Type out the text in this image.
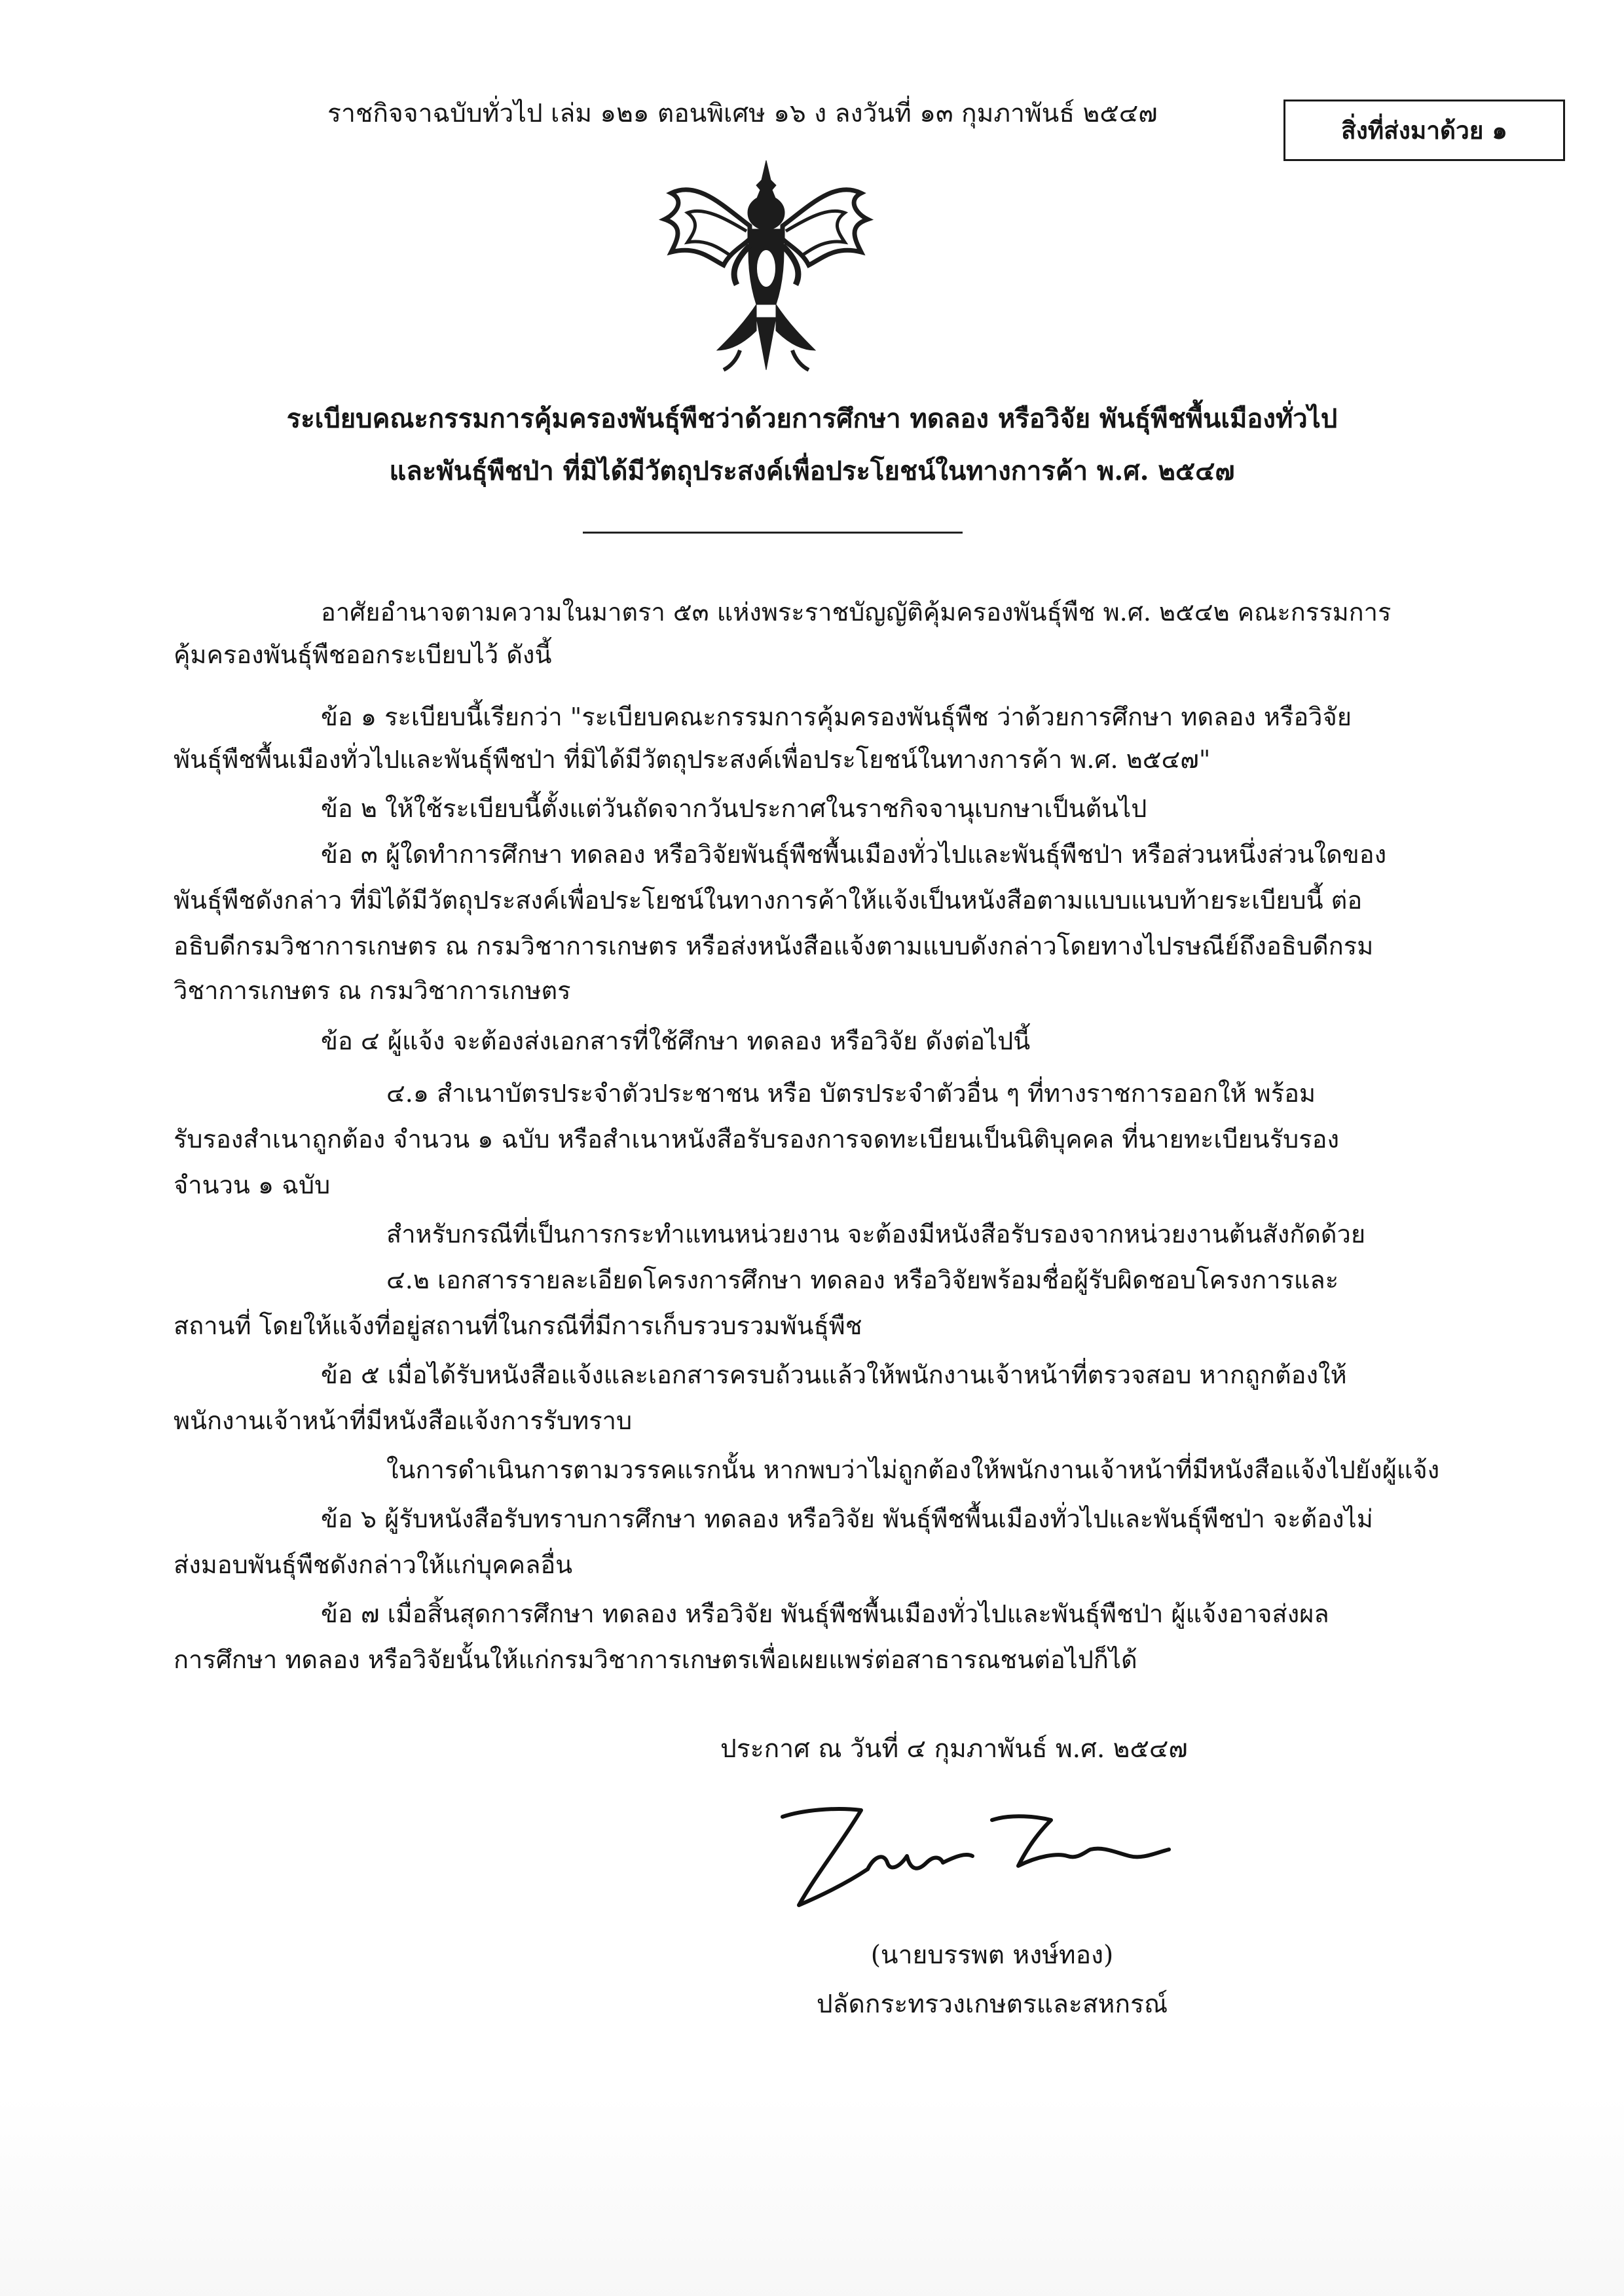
ราชกิจจาฉบับทั่วไป เล่ม ๑๒๑ ตอนพิเศษ ๑๖ ง ลงวันที่ ๑๓ กุมภาพันธ์ ๒๕๔๗
สิ่งที่ส่งมาด้วย ๑
ระเบียบคณะกรรมการคุ้มครองพันธุ์พืชว่าด้วยการศึกษา ทดลอง หรือวิจัย พันธุ์พืชพื้นเมืองทั่วไป
และพันธุ์พืชป่า ที่มิได้มีวัตถุประสงค์เพื่อประโยชน์ในทางการค้า พ.ศ. ๒๕๔๗
อาศัยอำนาจตามความในมาตรา ๕๓ แห่งพระราชบัญญัติคุ้มครองพันธุ์พืช พ.ศ. ๒๕๔๒ คณะกรรมการ
คุ้มครองพันธุ์พืชออกระเบียบไว้ ดังนี้
ข้อ ๑ ระเบียบนี้เรียกว่า "ระเบียบคณะกรรมการคุ้มครองพันธุ์พืช ว่าด้วยการศึกษา ทดลอง หรือวิจัย
พันธุ์พืชพื้นเมืองทั่วไปและพันธุ์พืชป่า ที่มิได้มีวัตถุประสงค์เพื่อประโยชน์ในทางการค้า พ.ศ. ๒๕๔๗"
ข้อ ๒ ให้ใช้ระเบียบนี้ตั้งแต่วันถัดจากวันประกาศในราชกิจจานุเบกษาเป็นต้นไป
ข้อ ๓ ผู้ใดทำการศึกษา ทดลอง หรือวิจัยพันธุ์พืชพื้นเมืองทั่วไปและพันธุ์พืชป่า หรือส่วนหนึ่งส่วนใดของ
พันธุ์พืชดังกล่าว ที่มิได้มีวัตถุประสงค์เพื่อประโยชน์ในทางการค้าให้แจ้งเป็นหนังสือตามแบบแนบท้ายระเบียบนี้ ต่อ
อธิบดีกรมวิชาการเกษตร ณ กรมวิชาการเกษตร หรือส่งหนังสือแจ้งตามแบบดังกล่าวโดยทางไปรษณีย์ถึงอธิบดีกรม
วิชาการเกษตร ณ กรมวิชาการเกษตร
ข้อ ๔ ผู้แจ้ง จะต้องส่งเอกสารที่ใช้ศึกษา ทดลอง หรือวิจัย ดังต่อไปนี้
๔.๑ สำเนาบัตรประจำตัวประชาชน หรือ บัตรประจำตัวอื่น ๆ ที่ทางราชการออกให้ พร้อม
รับรองสำเนาถูกต้อง จำนวน ๑ ฉบับ หรือสำเนาหนังสือรับรองการจดทะเบียนเป็นนิติบุคคล ที่นายทะเบียนรับรอง
จำนวน ๑ ฉบับ
สำหรับกรณีที่เป็นการกระทำแทนหน่วยงาน จะต้องมีหนังสือรับรองจากหน่วยงานต้นสังกัดด้วย
๔.๒ เอกสารรายละเอียดโครงการศึกษา ทดลอง หรือวิจัยพร้อมชื่อผู้รับผิดชอบโครงการและ
สถานที่ โดยให้แจ้งที่อยู่สถานที่ในกรณีที่มีการเก็บรวบรวมพันธุ์พืช
ข้อ ๕ เมื่อได้รับหนังสือแจ้งและเอกสารครบถ้วนแล้วให้พนักงานเจ้าหน้าที่ตรวจสอบ หากถูกต้องให้
พนักงานเจ้าหน้าที่มีหนังสือแจ้งการรับทราบ
ในการดำเนินการตามวรรคแรกนั้น หากพบว่าไม่ถูกต้องให้พนักงานเจ้าหน้าที่มีหนังสือแจ้งไปยังผู้แจ้ง
ข้อ ๖ ผู้รับหนังสือรับทราบการศึกษา ทดลอง หรือวิจัย พันธุ์พืชพื้นเมืองทั่วไปและพันธุ์พืชป่า จะต้องไม่
ส่งมอบพันธุ์พืชดังกล่าวให้แก่บุคคลอื่น
ข้อ ๗ เมื่อสิ้นสุดการศึกษา ทดลอง หรือวิจัย พันธุ์พืชพื้นเมืองทั่วไปและพันธุ์พืชป่า ผู้แจ้งอาจส่งผล
การศึกษา ทดลอง หรือวิจัยนั้นให้แก่กรมวิชาการเกษตรเพื่อเผยแพร่ต่อสาธารณชนต่อไปก็ได้
ประกาศ ณ วันที่ ๔ กุมภาพันธ์ พ.ศ. ๒๕๔๗
(นายบรรพต หงษ์ทอง)
ปลัดกระทรวงเกษตรและสหกรณ์
